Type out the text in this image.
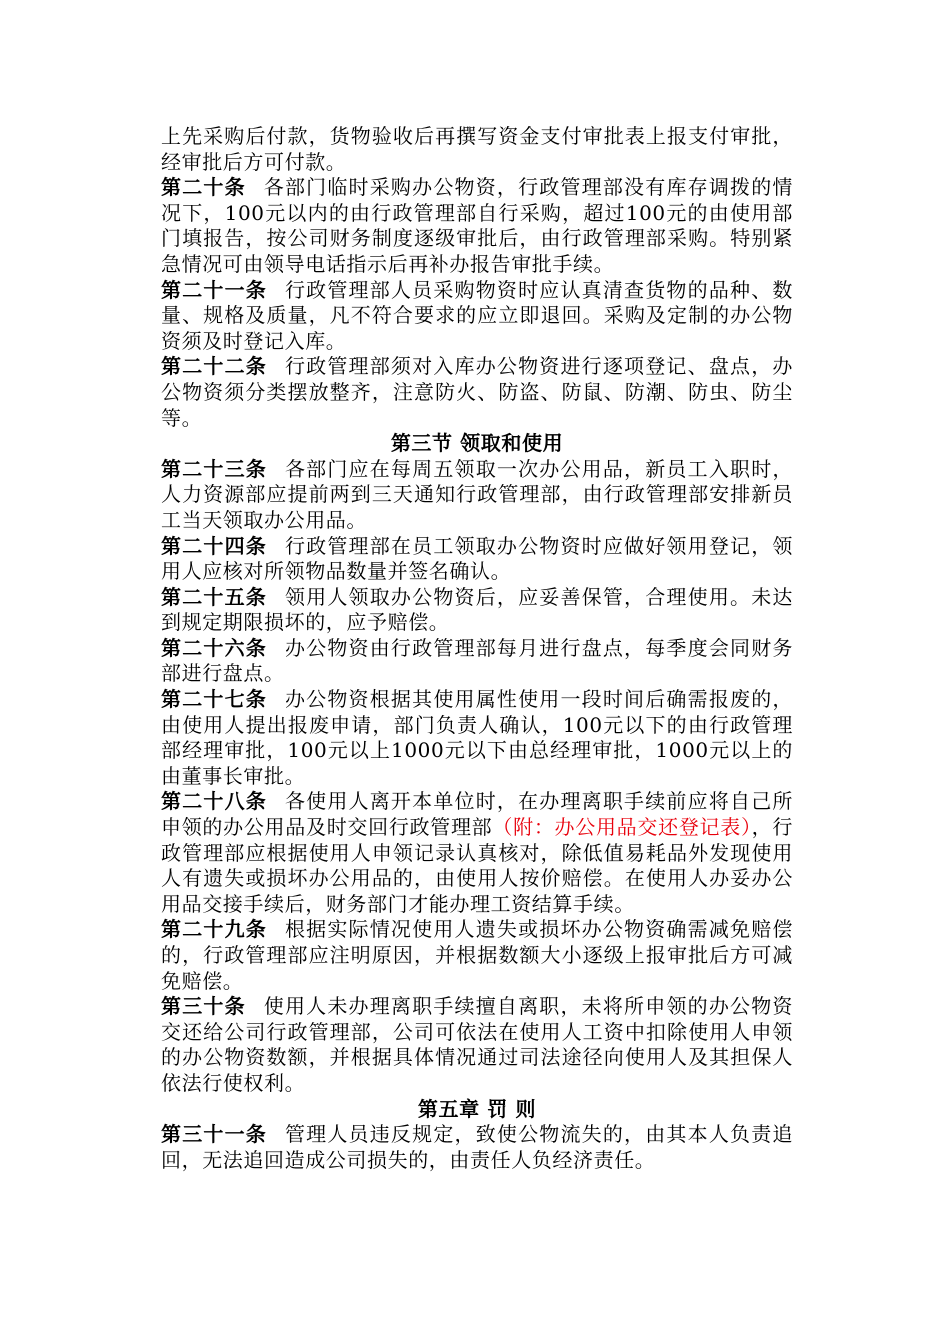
上先采购后付款，货物验收后再撰写资金支付审批表上报支付审批，经审批后方可付款。

第二十条 各部门临时采购办公物资，行政管理部没有库存调拨的情况下，100元以内的由行政管理部自行采购，超过100元的由使用部门填报告，按公司财务制度逐级审批后，由行政管理部采购。特别紧急情况可由领导电话指示后再补办报告审批手续。

第二十一条 行政管理部人员采购物资时应认真清查货物的品种、数量、规格及质量，凡不符合要求的应立即退回。采购及定制的办公物资须及时登记入库。

第二十二条 行政管理部须对入库办公物资进行逐项登记、盘点，办公物资须分类摆放整齐，注意防火、防盗、防鼠、防潮、防虫、防尘等。

第三节 领取和使用

第二十三条 各部门应在每周五领取一次办公用品，新员工入职时，人力资源部应提前两到三天通知行政管理部，由行政管理部安排新员工当天领取办公用品。

第二十四条 行政管理部在员工领取办公物资时应做好领用登记，领用人应核对所领物品数量并签名确认。

第二十五条 领用人领取办公物资后，应妥善保管，合理使用。未达到规定期限损坏的，应予赔偿。

第二十六条 办公物资由行政管理部每月进行盘点，每季度会同财务部进行盘点。

第二十七条 办公物资根据其使用属性使用一段时间后确需报废的，由使用人提出报废申请，部门负责人确认，100元以下的由行政管理部经理审批，100元以上1000元以下由总经理审批，1000元以上的由董事长审批。

第二十八条 各使用人离开本单位时，在办理离职手续前应将自己所申领的办公用品及时交回行政管理部（附：办公用品交还登记表），行政管理部应根据使用人申领记录认真核对，除低值易耗品外发现使用人有遗失或损坏办公用品的，由使用人按价赔偿。在使用人办妥办公用品交接手续后，财务部门才能办理工资结算手续。

第二十九条 根据实际情况使用人遗失或损坏办公物资确需减免赔偿的，行政管理部应注明原因，并根据数额大小逐级上报审批后方可减免赔偿。

第三十条 使用人未办理离职手续擅自离职，未将所申领的办公物资交还给公司行政管理部，公司可依法在使用人工资中扣除使用人申领的办公物资数额，并根据具体情况通过司法途径向使用人及其担保人依法行使权利。

第五章 罚 则

第三十一条 管理人员违反规定，致使公物流失的，由其本人负责追回，无法追回造成公司损失的，由责任人负经济责任。
